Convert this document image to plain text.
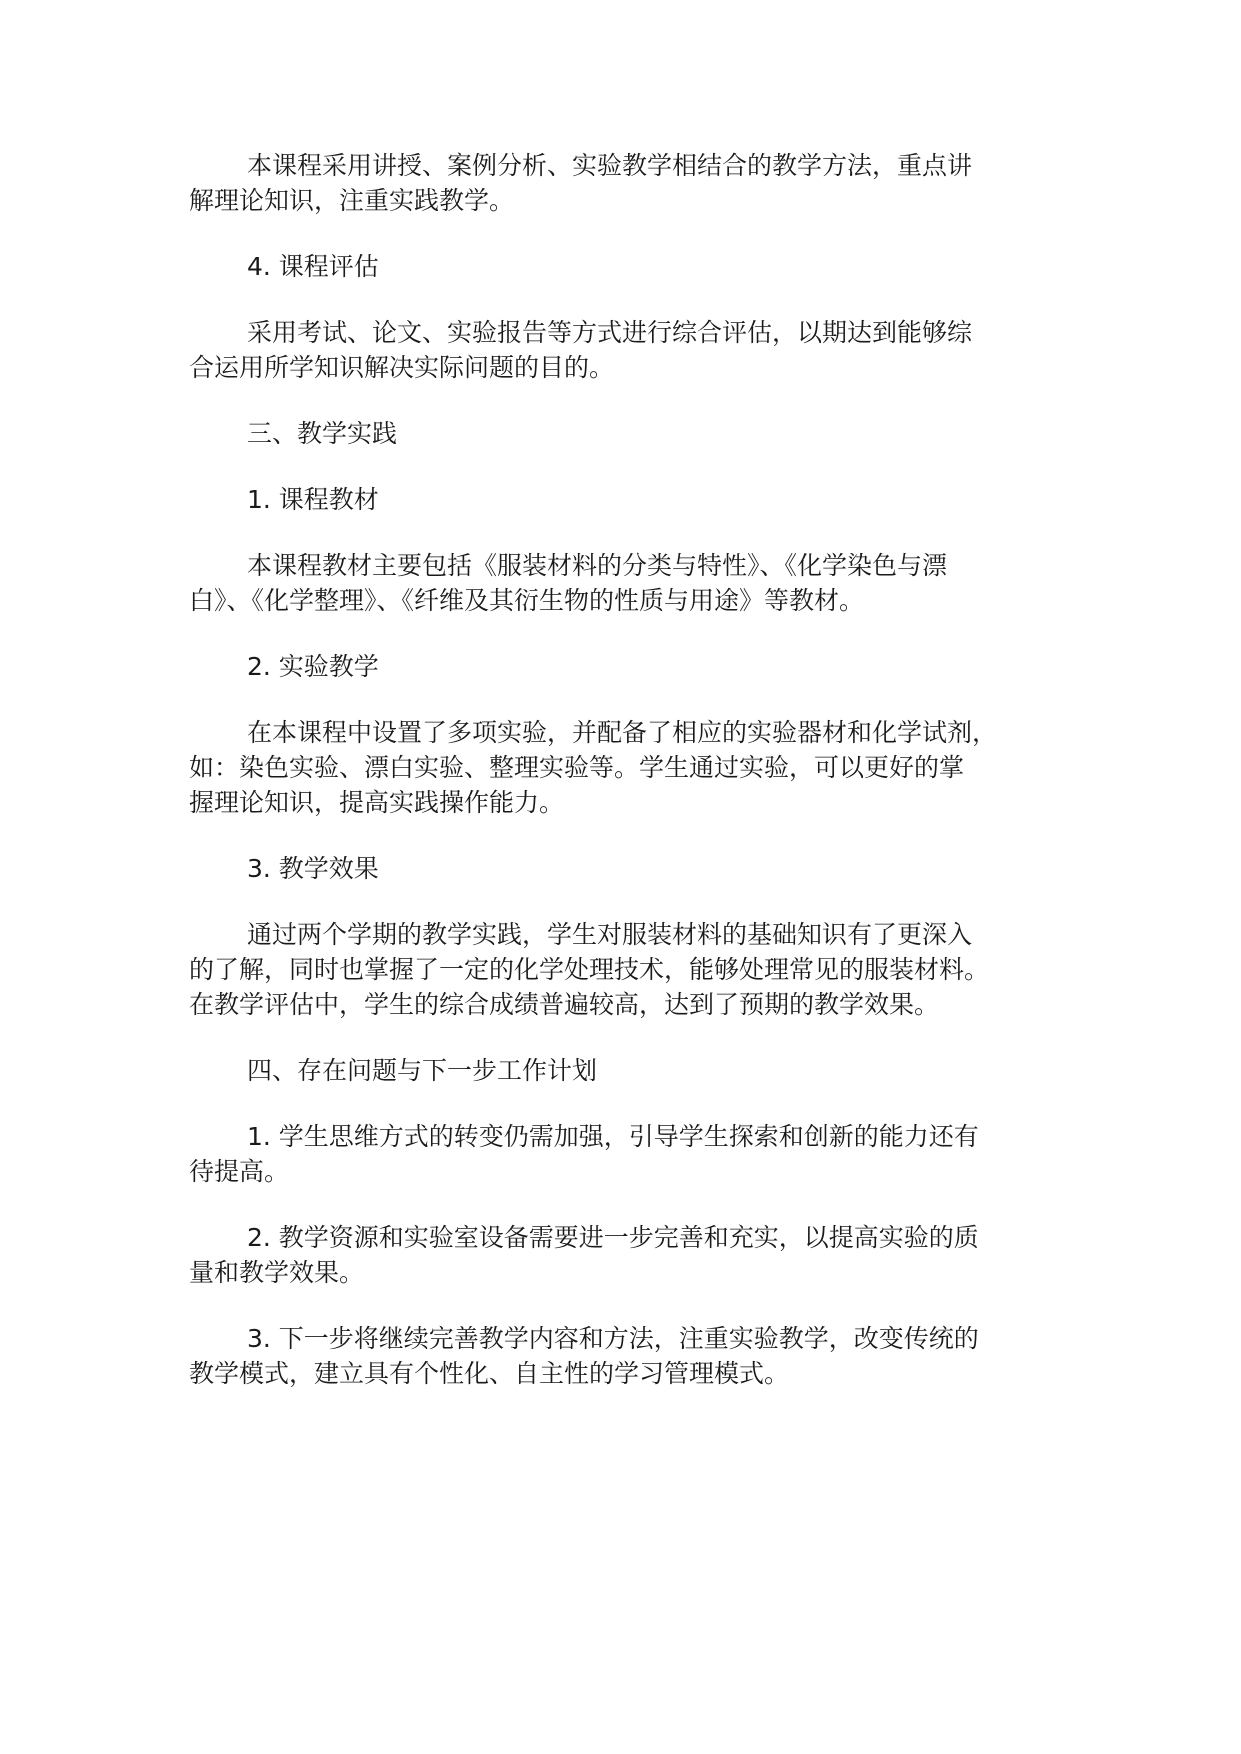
本课程采用讲授、案例分析、实验教学相结合的教学方法，重点讲
解理论知识，注重实践教学。
4. 课程评估
采用考试、论文、实验报告等方式进行综合评估，以期达到能够综
合运用所学知识解决实际问题的目的。
三、教学实践
1. 课程教材
本课程教材主要包括《服装材料的分类与特性》、《化学染色与漂
白》、《化学整理》、《纤维及其衍生物的性质与用途》等教材。
2. 实验教学
在本课程中设置了多项实验，并配备了相应的实验器材和化学试剂，
如：染色实验、漂白实验、整理实验等。学生通过实验，可以更好的掌
握理论知识，提高实践操作能力。
3. 教学效果
通过两个学期的教学实践，学生对服装材料的基础知识有了更深入
的了解，同时也掌握了一定的化学处理技术，能够处理常见的服装材料。
在教学评估中，学生的综合成绩普遍较高，达到了预期的教学效果。
四、存在问题与下一步工作计划
1. 学生思维方式的转变仍需加强，引导学生探索和创新的能力还有
待提高。
2. 教学资源和实验室设备需要进一步完善和充实，以提高实验的质
量和教学效果。
3. 下一步将继续完善教学内容和方法，注重实验教学，改变传统的
教学模式，建立具有个性化、自主性的学习管理模式。
